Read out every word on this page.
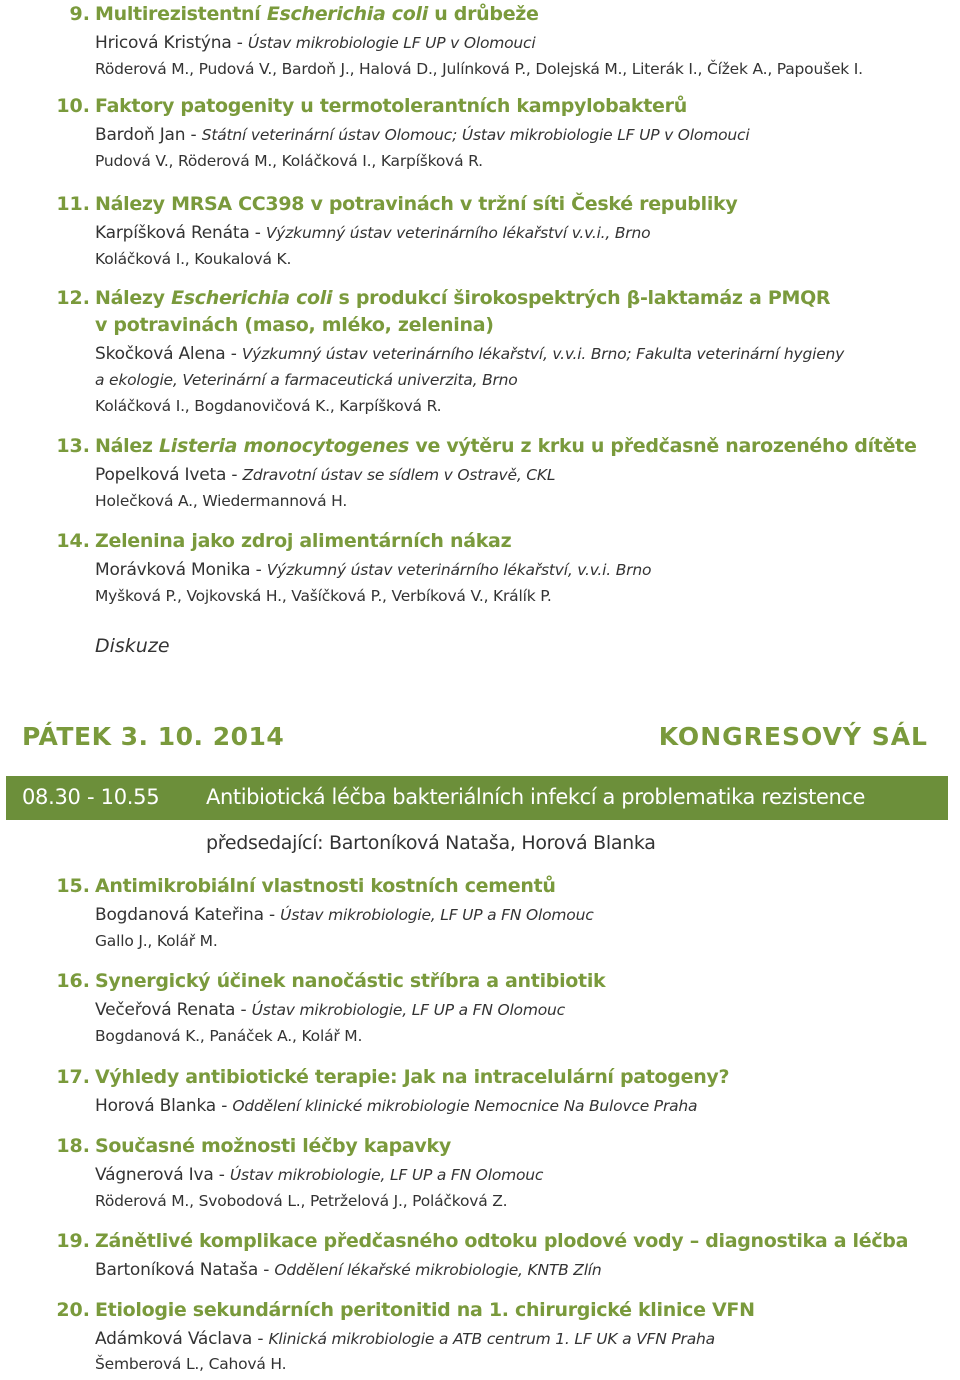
9. Multirezistentní Escherichia coli u drůbeže
Hricová Kristýna - Ústav mikrobiologie LF UP v Olomouci
Röderová M., Pudová V., Bardoň J., Halová D., Julínková P., Dolejská M., Literák I., Čížek A., Papoušek I.
10. Faktory patogenity u termotolerantních kampylobakterů
Bardoň Jan - Státní veterinární ústav Olomouc; Ústav mikrobiologie LF UP v Olomouci
Pudová V., Röderová M., Koláčková I., Karpíšková R.
11. Nálezy MRSA CC398 v potravinách v tržní síti České republiky
Karpíšková Renáta - Výzkumný ústav veterinárního lékařství v.v.i., Brno
Koláčková I., Koukalová K.
12. Nálezy Escherichia coli s produkcí širokospektrých β-laktamáz a PMQR
v potravinách (maso, mléko, zelenina)
Skočková Alena - Výzkumný ústav veterinárního lékařství, v.v.i. Brno; Fakulta veterinární hygieny
a ekologie, Veterinární a farmaceutická univerzita, Brno
Koláčková I., Bogdanovičová K., Karpíšková R.
13. Nález Listeria monocytogenes ve výtěru z krku u předčasně narozeného dítěte
Popelková Iveta - Zdravotní ústav se sídlem v Ostravě, CKL
Holečková A., Wiedermannová H.
14. Zelenina jako zdroj alimentárních nákaz
Morávková Monika - Výzkumný ústav veterinárního lékařství, v.v.i. Brno
Myšková P., Vojkovská H., Vašíčková P., Verbíková V., Králík P.
Diskuze
PÁTEK 3. 10. 2014	KONGRESOVÝ SÁL
08.30 - 10.55 Antibiotická léčba bakteriálních infekcí a problematika rezistence
předsedající: Bartoníková Nataša, Horová Blanka
15. Antimikrobiální vlastnosti kostních cementů
Bogdanová Kateřina - Ústav mikrobiologie, LF UP a FN Olomouc
Gallo J., Kolář M.
16. Synergický účinek nanočástic stříbra a antibiotik
Večeřová Renata - Ústav mikrobiologie, LF UP a FN Olomouc
Bogdanová K., Panáček A., Kolář M.
17. Výhledy antibiotické terapie: Jak na intracelulární patogeny?
Horová Blanka - Oddělení klinické mikrobiologie Nemocnice Na Bulovce Praha
18. Současné možnosti léčby kapavky
Vágnerová Iva - Ústav mikrobiologie, LF UP a FN Olomouc
Röderová M., Svobodová L., Petrželová J., Poláčková Z.
19. Zánětlivé komplikace předčasného odtoku plodové vody – diagnostika a léčba
Bartoníková Nataša - Oddělení lékařské mikrobiologie, KNTB Zlín
20. Etiologie sekundárních peritonitid na 1. chirurgické klinice VFN
Adámková Václava - Klinická mikrobiologie a ATB centrum 1. LF UK a VFN Praha
Šemberová L., Cahová H.
